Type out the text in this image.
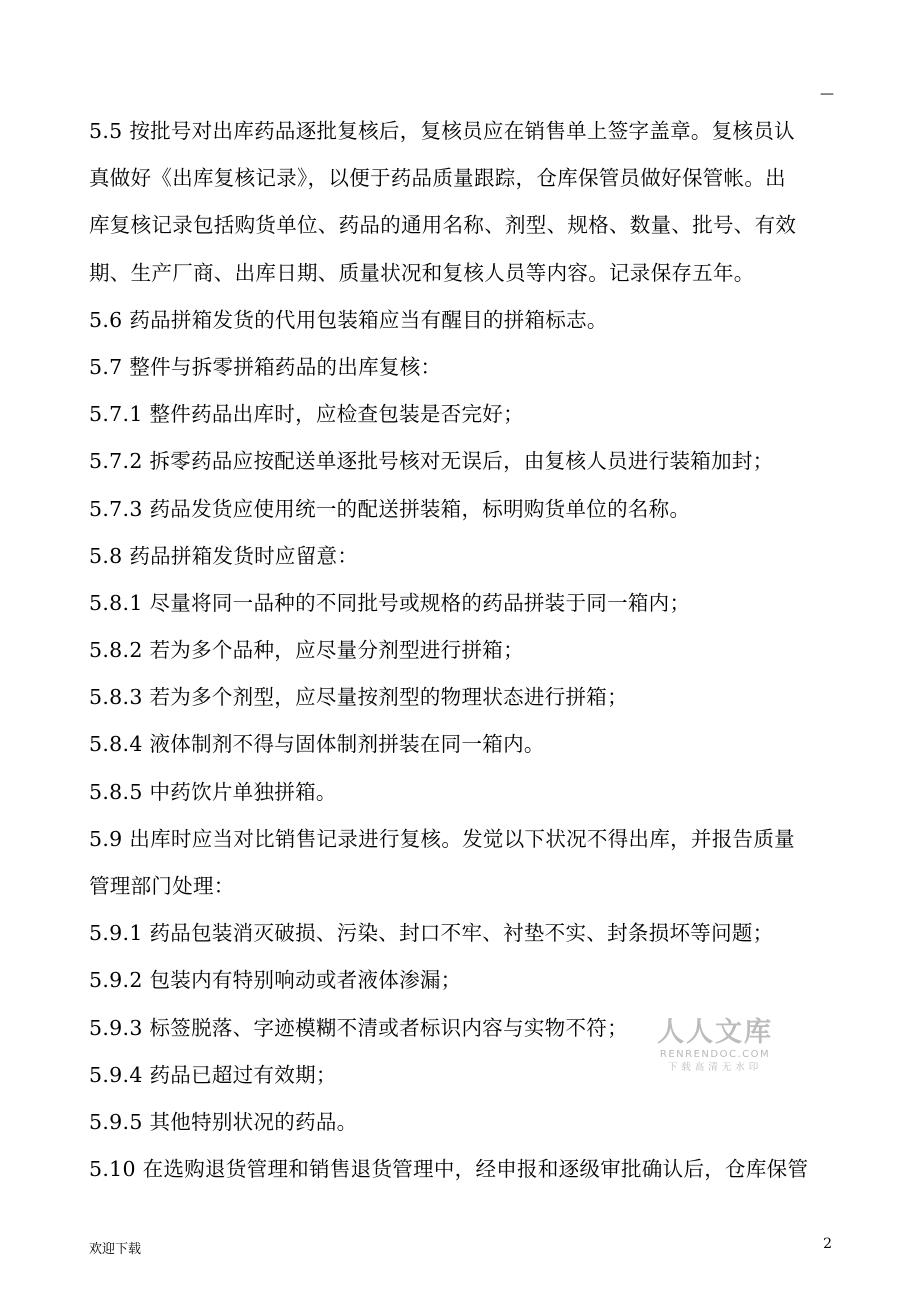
—
5.5 按批号对出库药品逐批复核后，复核员应在销售单上签字盖章。复核员认
真做好《出库复核记录》，以便于药品质量跟踪，仓库保管员做好保管帐。出
库复核记录包括购货单位、药品的通用名称、剂型、规格、数量、批号、有效
期、生产厂商、出库日期、质量状况和复核人员等内容。记录保存五年。
5.6 药品拼箱发货的代用包装箱应当有醒目的拼箱标志。
5.7 整件与拆零拼箱药品的出库复核：
5.7.1 整件药品出库时，应检查包装是否完好；
5.7.2 拆零药品应按配送单逐批号核对无误后，由复核人员进行装箱加封；
5.7.3 药品发货应使用统一的配送拼装箱，标明购货单位的名称。
5.8 药品拼箱发货时应留意：
5.8.1 尽量将同一品种的不同批号或规格的药品拼装于同一箱内；
5.8.2 若为多个品种，应尽量分剂型进行拼箱；
5.8.3 若为多个剂型，应尽量按剂型的物理状态进行拼箱；
5.8.4 液体制剂不得与固体制剂拼装在同一箱内。
5.8.5 中药饮片单独拼箱。
5.9 出库时应当对比销售记录进行复核。发觉以下状况不得出库，并报告质量
管理部门处理：
5.9.1 药品包装消灭破损、污染、封口不牢、衬垫不实、封条损坏等问题；
5.9.2 包装内有特别响动或者液体渗漏；
5.9.3 标签脱落、字迹模糊不清或者标识内容与实物不符；
5.9.4 药品已超过有效期；
5.9.5 其他特别状况的药品。
5.10 在选购退货管理和销售退货管理中，经申报和逐级审批确认后，仓库保管
人人文库
RENRENDOC.COM
下载高清无水印
欢迎下载	2
